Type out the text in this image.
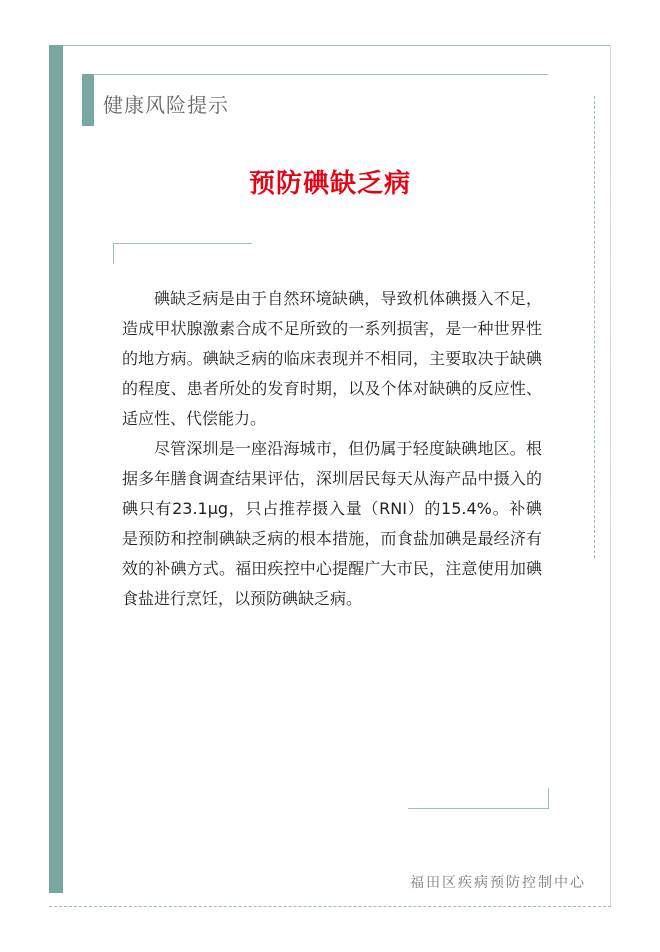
健康风险提示
预防碘缺乏病

碘缺乏病是由于自然环境缺碘，导致机体碘摄入不足，造成甲状腺激素合成不足所致的一系列损害，是一种世界性的地方病。碘缺乏病的临床表现并不相同，主要取决于缺碘的程度、患者所处的发育时期，以及个体对缺碘的反应性、适应性、代偿能力。

尽管深圳是一座沿海城市，但仍属于轻度缺碘地区。根据多年膳食调查结果评估，深圳居民每天从海产品中摄入的碘只有23.1μg，只占推荐摄入量（RNI）的15.4%。补碘是预防和控制碘缺乏病的根本措施，而食盐加碘是最经济有效的补碘方式。福田疾控中心提醒广大市民，注意使用加碘食盐进行烹饪，以预防碘缺乏病。

福田区疾病预防控制中心
